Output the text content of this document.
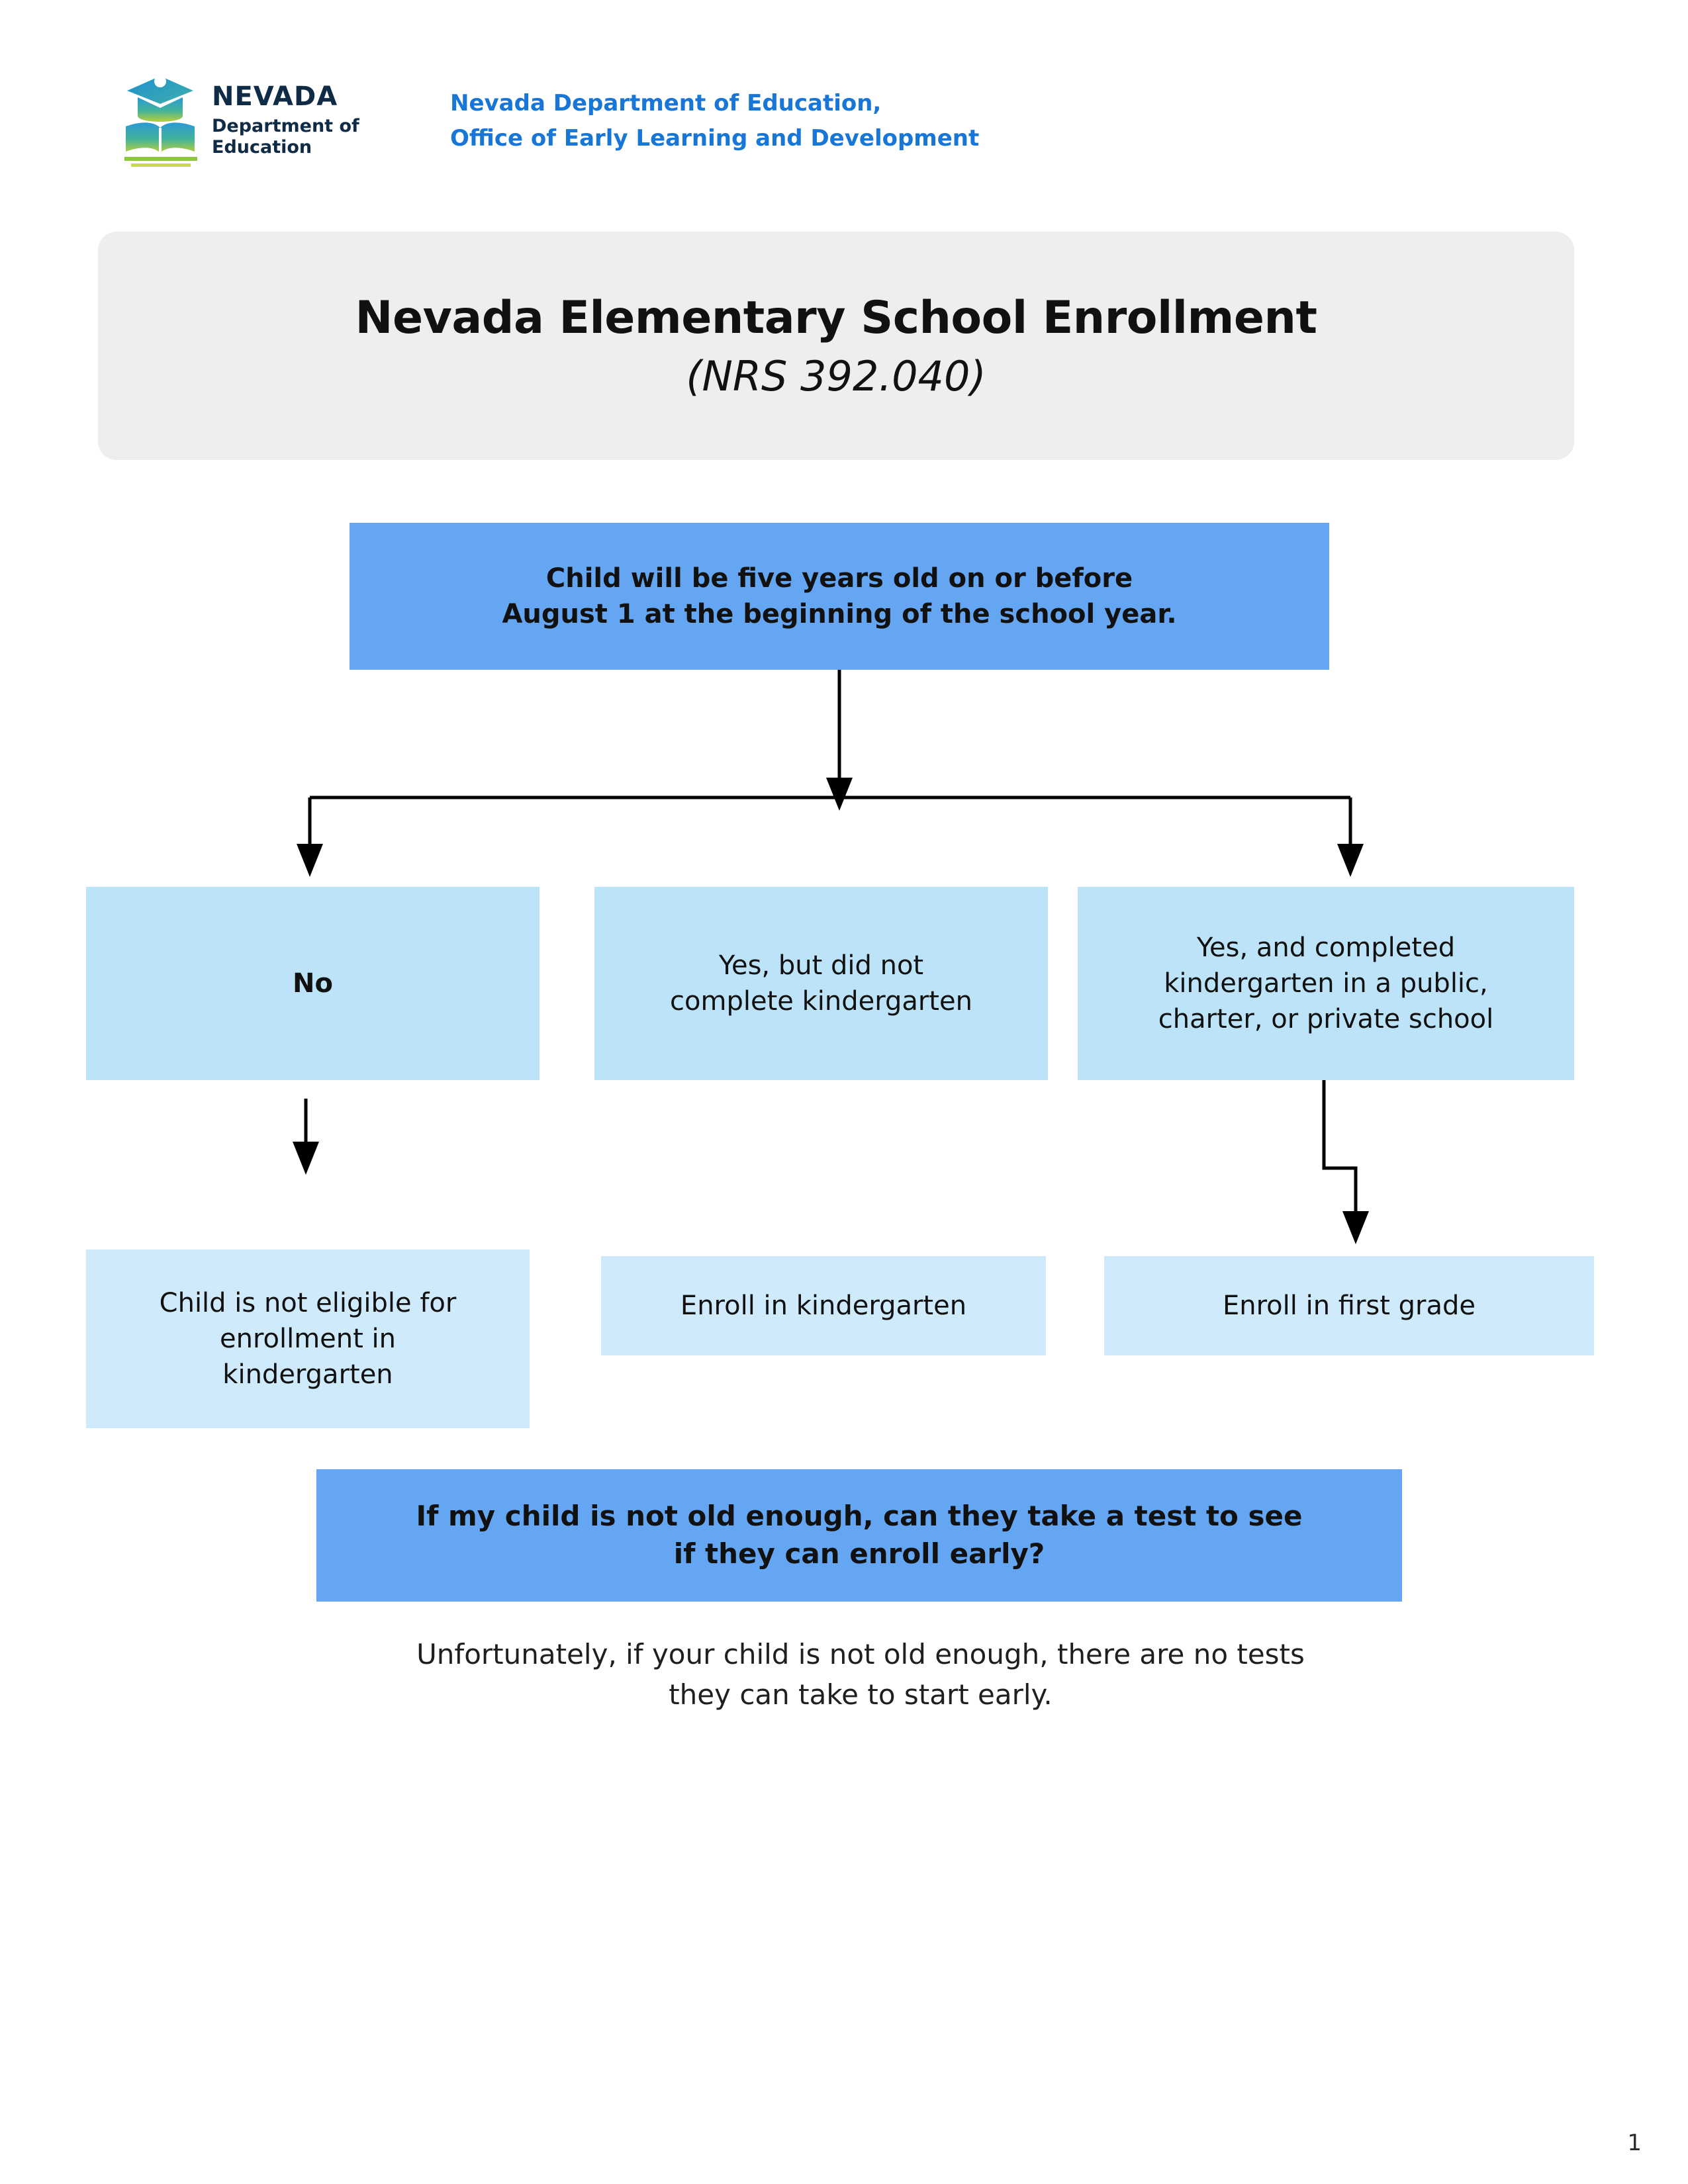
NEVADA
Department of
Education
Nevada Department of Education,
Office of Early Learning and Development
Nevada Elementary School Enrollment
(NRS 392.040)
Child will be five years old on or before
August 1 at the beginning of the school year.
No
Yes, but did not
complete kindergarten
Yes, and completed
kindergarten in a public,
charter, or private school
Child is not eligible for
enrollment in
kindergarten
Enroll in kindergarten	Enroll in first grade
If my child is not old enough, can they take a test to see
if they can enroll early?
Unfortunately, if your child is not old enough, there are no tests
they can take to start early.
1
